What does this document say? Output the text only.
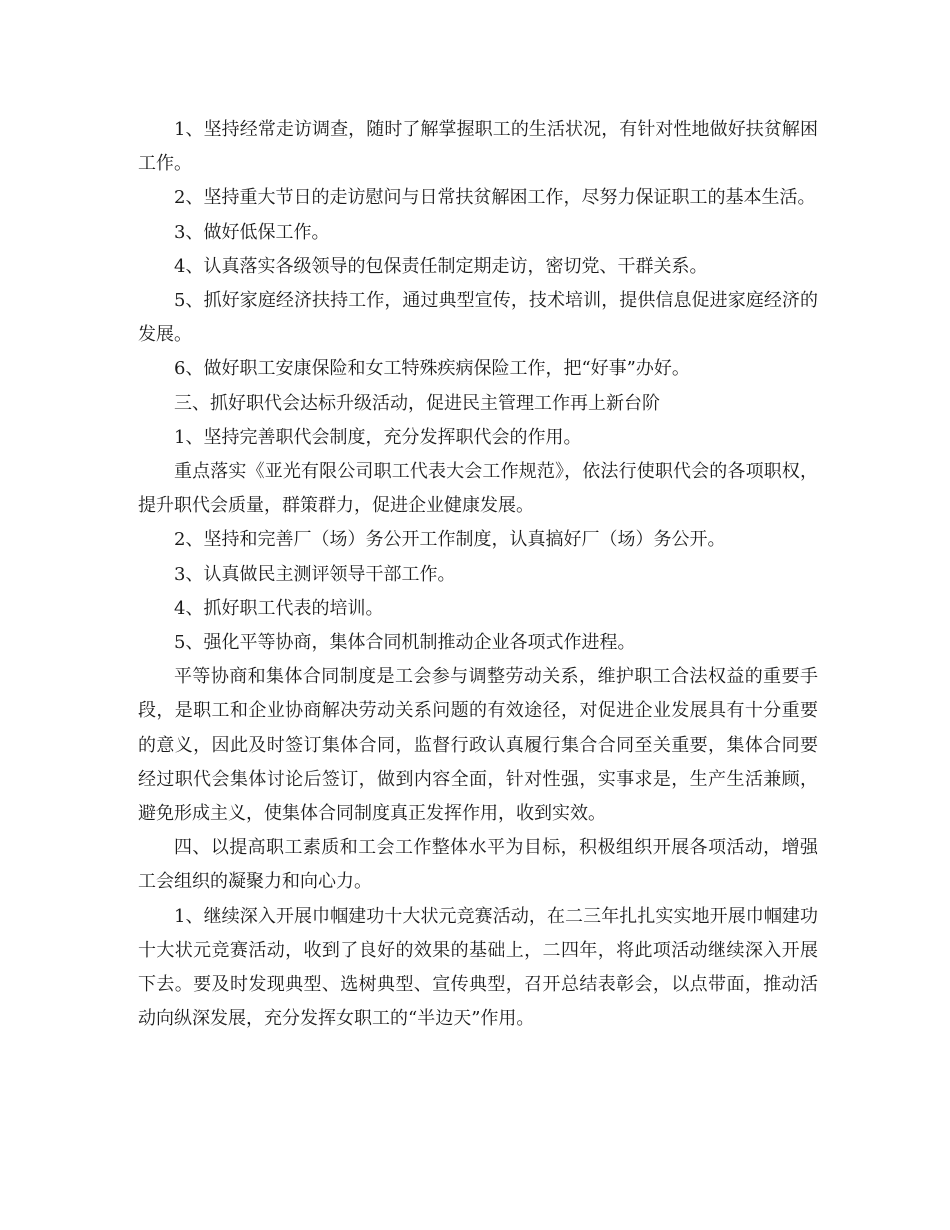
1、坚持经常走访调查，随时了解掌握职工的生活状况，有针对性地做好扶贫解困工作。

2、坚持重大节日的走访慰问与日常扶贫解困工作，尽努力保证职工的基本生活。

3、做好低保工作。

4、认真落实各级领导的包保责任制定期走访，密切党、干群关系。

5、抓好家庭经济扶持工作，通过典型宣传，技术培训，提供信息促进家庭经济的发展。

6、做好职工安康保险和女工特殊疾病保险工作，把“好事”办好。

三、抓好职代会达标升级活动，促进民主管理工作再上新台阶

1、坚持完善职代会制度，充分发挥职代会的作用。

重点落实《亚光有限公司职工代表大会工作规范》，依法行使职代会的各项职权，提升职代会质量，群策群力，促进企业健康发展。

2、坚持和完善厂（场）务公开工作制度，认真搞好厂（场）务公开。

3、认真做民主测评领导干部工作。

4、抓好职工代表的培训。

5、强化平等协商，集体合同机制推动企业各项式作进程。

平等协商和集体合同制度是工会参与调整劳动关系，维护职工合法权益的重要手段，是职工和企业协商解决劳动关系问题的有效途径，对促进企业发展具有十分重要的意义，因此及时签订集体合同，监督行政认真履行集合合同至关重要，集体合同要经过职代会集体讨论后签订，做到内容全面，针对性强，实事求是，生产生活兼顾，避免形成主义，使集体合同制度真正发挥作用，收到实效。

四、以提高职工素质和工会工作整体水平为目标，积极组织开展各项活动，增强工会组织的凝聚力和向心力。

1、继续深入开展巾帼建功十大状元竞赛活动，在二三年扎扎实实地开展巾帼建功十大状元竞赛活动，收到了良好的效果的基础上，二四年，将此项活动继续深入开展下去。要及时发现典型、选树典型、宣传典型，召开总结表彰会，以点带面，推动活动向纵深发展，充分发挥女职工的“半边天”作用。
